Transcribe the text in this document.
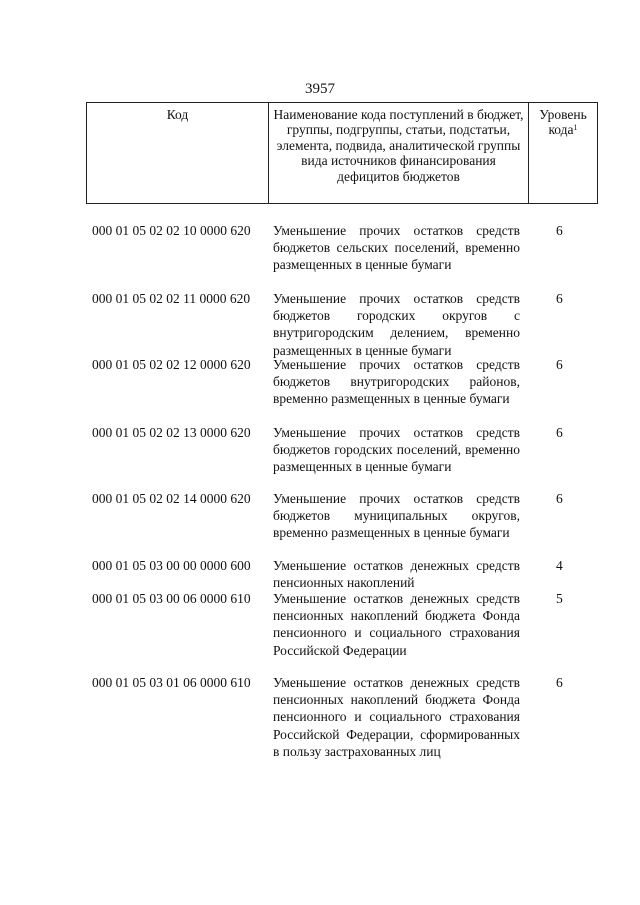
3957
Код	Наименование кода поступлений в бюджет, группы, подгруппы, статьи, подстатьи, элемента, подвида, аналитической группы вида источников финансирования дефицитов бюджетов
Уровень кода$^1$
000 01 05 02 02 10 0000 620 Уменьшение прочих остатков средств бюджетов сельских поселений, временно размещенных в ценные бумаги
6
000 01 05 02 02 11 0000 620 Уменьшение прочих остатков средств бюджетов городских округов с внутригородским делением, временно размещенных в ценные бумаги
6
000 01 05 02 02 12 0000 620 Уменьшение прочих остатков средств бюджетов внутригородских районов, временно размещенных в ценные бумаги
6
000 01 05 02 02 13 0000 620 Уменьшение прочих остатков средств бюджетов городских поселений, временно размещенных в ценные бумаги
6
000 01 05 02 02 14 0000 620 Уменьшение прочих остатков средств бюджетов муниципальных округов, временно размещенных в ценные бумаги
6
000 01 05 03 00 00 0000 600 Уменьшение остатков денежных средств пенсионных накоплений
4
000 01 05 03 00 06 0000 610 Уменьшение остатков денежных средств пенсионных накоплений бюджета Фонда пенсионного и социального страхования Российской Федерации
5
000 01 05 03 01 06 0000 610 Уменьшение остатков денежных средств пенсионных накоплений бюджета Фонда пенсионного и социального страхования Российской Федерации, сформированных в пользу застрахованных лиц
6
